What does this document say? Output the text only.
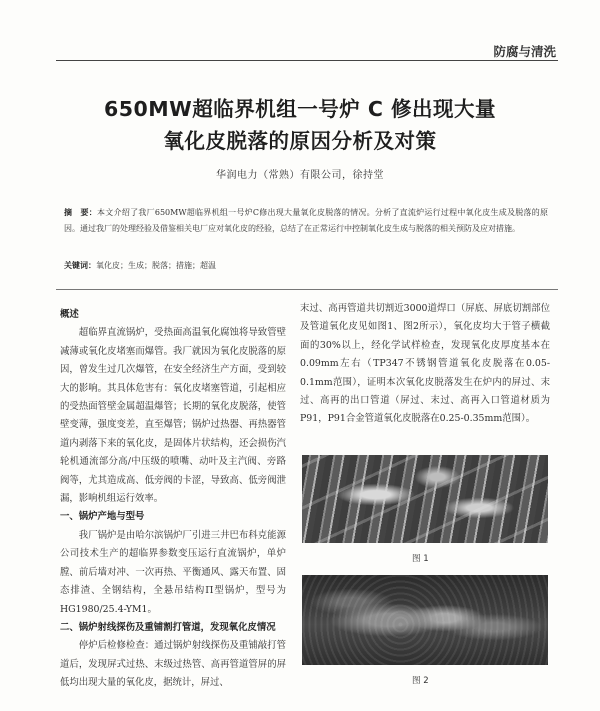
防腐与清洗
650MW超临界机组一号炉 C 修出现大量
氧化皮脱落的原因分析及对策
华润电力（常熟）有限公司，徐持堂
摘　要：本文介绍了我厂650MW超临界机组一号炉C修出现大量氧化皮脱落的情况。分析了直流炉运行过程中氧化皮生成及脱落的原因。通过我厂的处理经验及借鉴相关电厂应对氧化皮的经验，总结了在正常运行中控制氧化皮生成与脱落的相关预防及应对措施。
关键词：氧化皮；生成；脱落；措施；超温
概述

超临界直流锅炉，受热面高温氧化腐蚀将导致管壁减薄或氧化皮堵塞而爆管。我厂就因为氧化皮脱落的原因，曾发生过几次爆管，在安全经济生产方面，受到较大的影响。其具体危害有：氧化皮堵塞管道，引起相应的受热面管壁金属超温爆管；长期的氧化皮脱落，使管壁变薄，强度变差，直至爆管；锅炉过热器、再热器管道内剥落下来的氧化皮，是固体片状结构，还会损伤汽轮机通流部分高/中压级的喷嘴、动叶及主汽阀、旁路阀等，尤其造成高、低旁阀的卡涩，导致高、低旁阀泄漏，影响机组运行效率。

一、锅炉产地与型号

我厂锅炉是由哈尔滨锅炉厂引进三井巴布科克能源公司技术生产的超临界参数变压运行直流锅炉，单炉膛、前后墙对冲、一次再热、平衡通风、露天布置、固态排渣、全钢结构，全悬吊结构Π型锅炉，型号为HG1980/25.4-YM1。

二、锅炉射线探伤及重铺割打管道，发现氧化皮情况

停炉后检修检查：通过锅炉射线探伤及重铺敲打管道后，发现屏式过热、末级过热管、高再管道管屏的屏低均出现大量的氧化皮，据统计，屏过、

末过、高再管道共切割近3000道焊口（屏底、屏底切割部位及管道氧化皮见如图1、图2所示），氧化皮均大于管子横截面的30%以上，经化学试样检查，发现氧化皮厚度基本在0.09mm左右（TP347不锈钢管道氧化皮脱落在0.05-0.1mm范围），证明本次氧化皮脱落发生在炉内的屏过、末过、高再的出口管道（屏过、末过、高再入口管道材质为P91，P91合金管道氧化皮脱落在0.25-0.35mm范围）。

图 1
图 2
